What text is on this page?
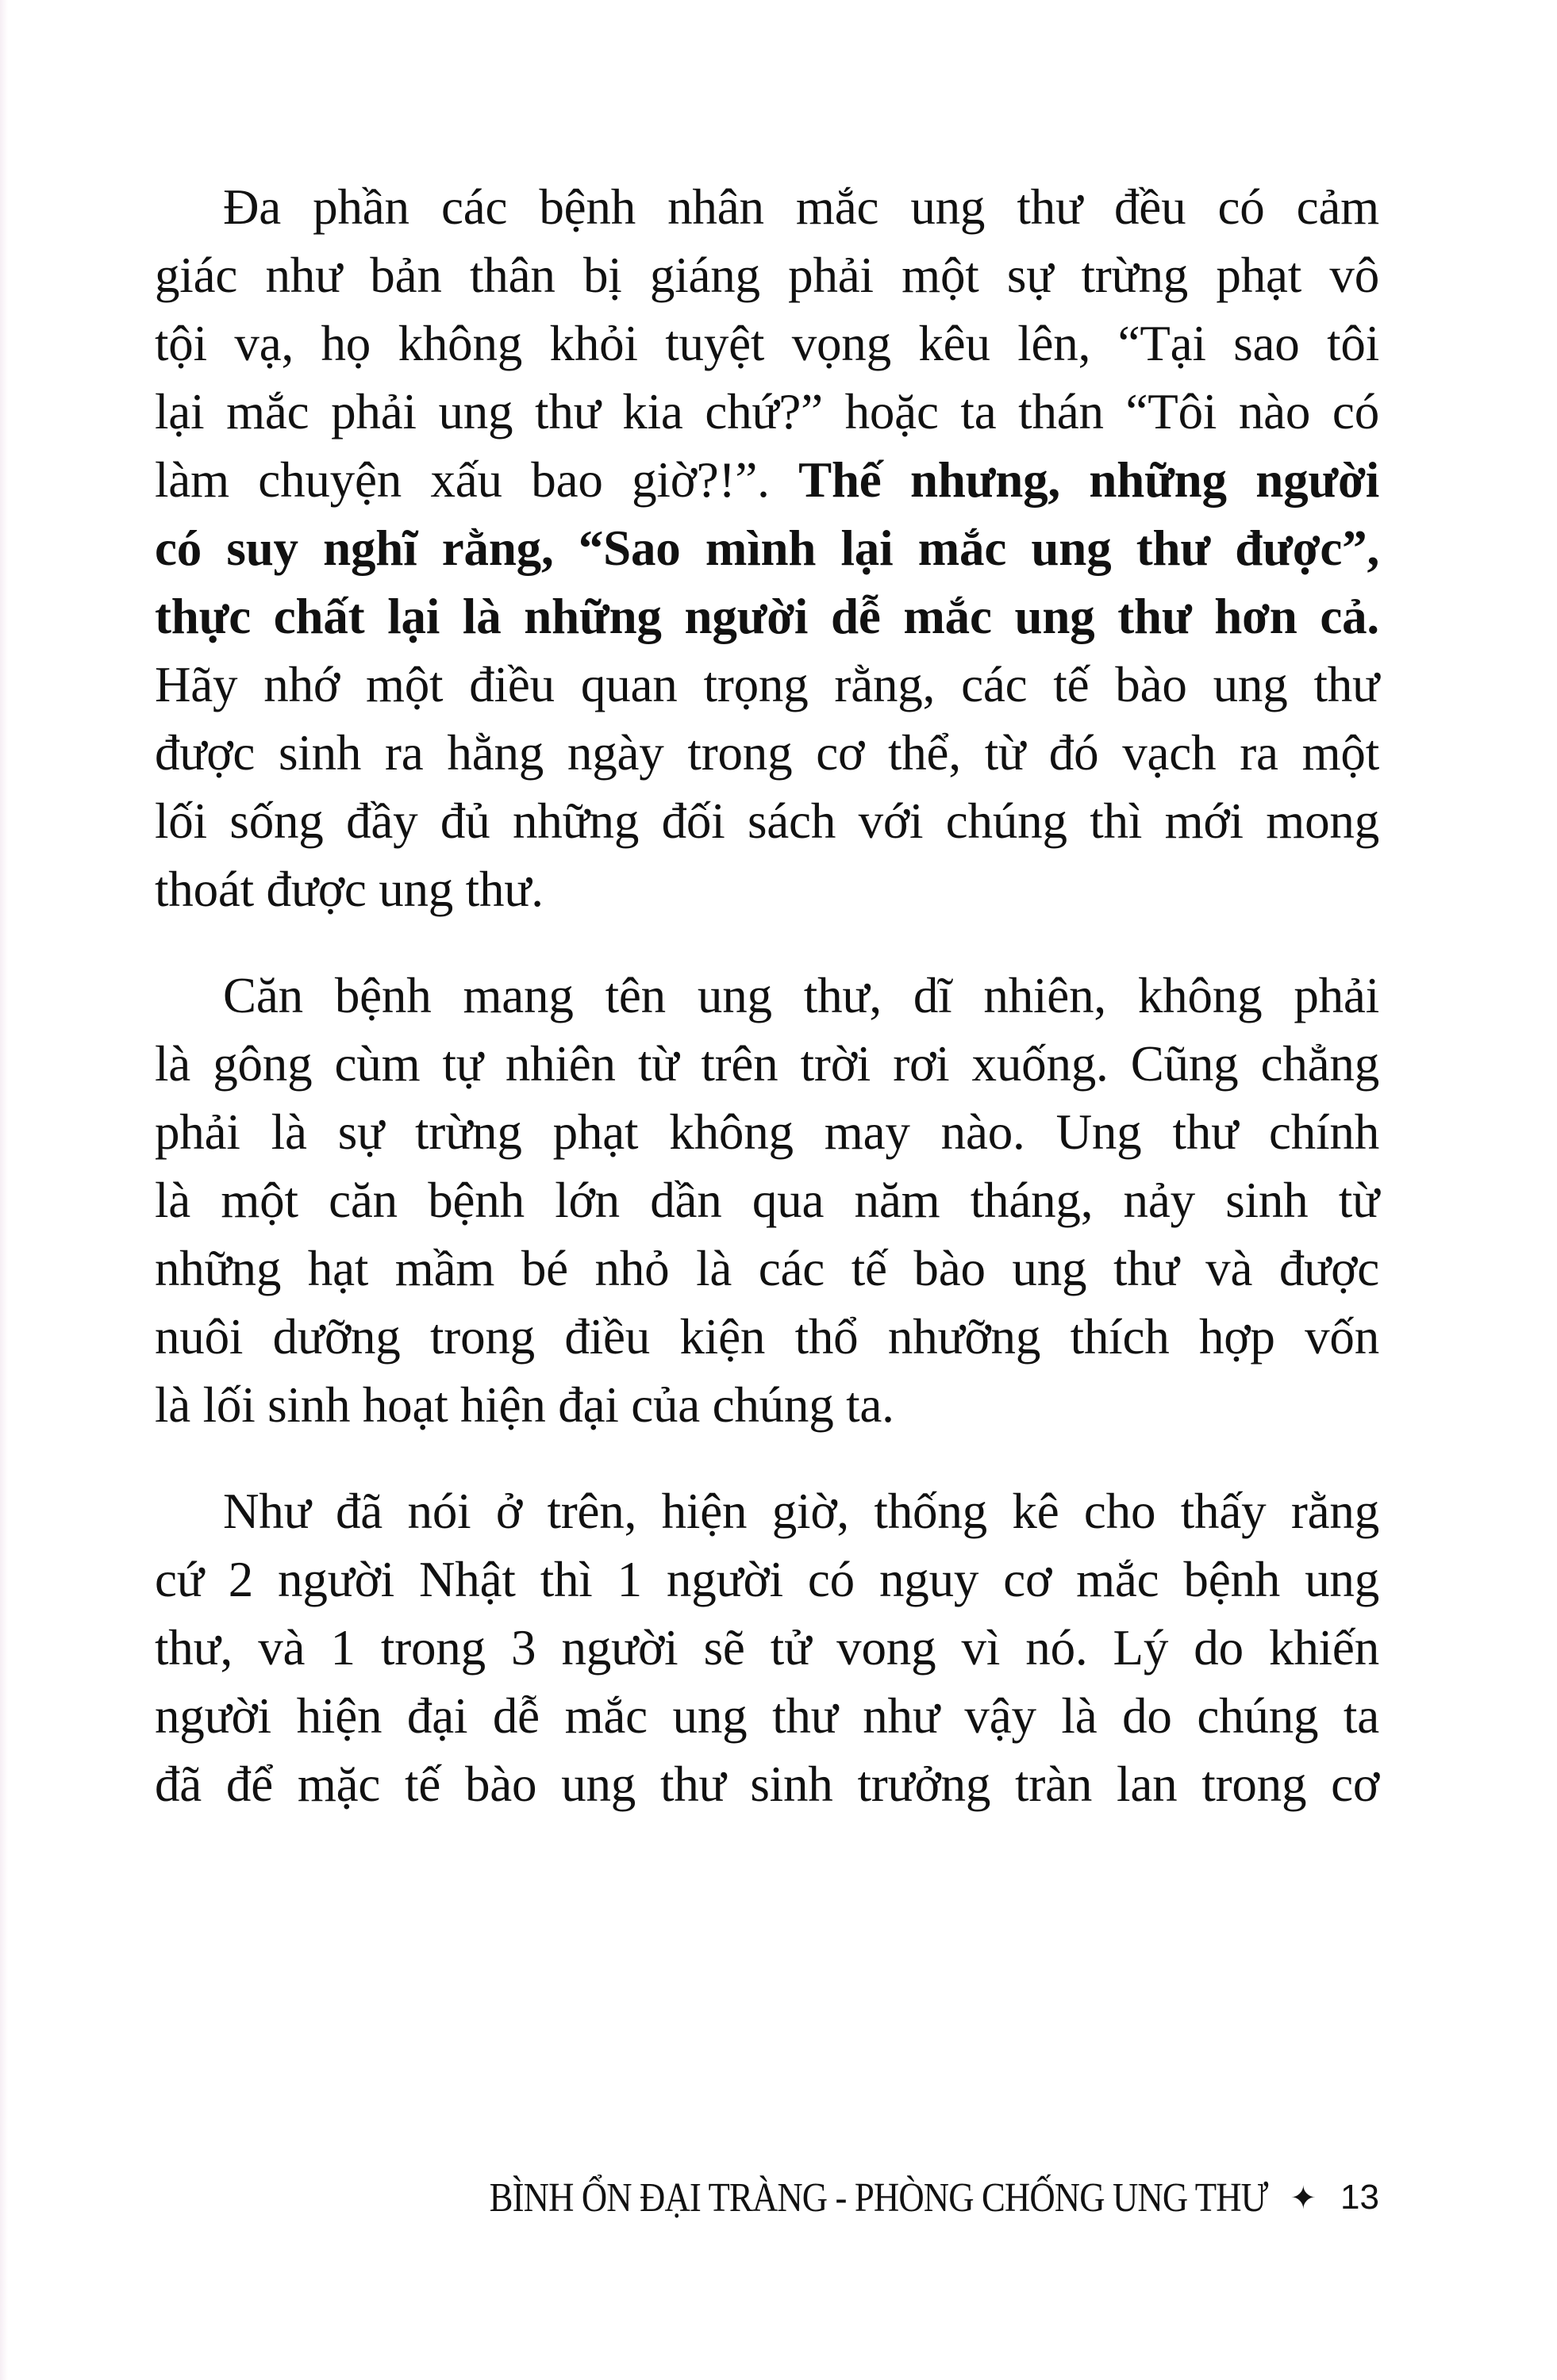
Đa phần các bệnh nhân mắc ung thư đều có cảm
giác như bản thân bị giáng phải một sự trừng phạt vô
tội vạ, họ không khỏi tuyệt vọng kêu lên, “Tại sao tôi
lại mắc phải ung thư kia chứ?” hoặc ta thán “Tôi nào có
làm chuyện xấu bao giờ?!”. Thế nhưng, những người
có suy nghĩ rằng, “Sao mình lại mắc ung thư được”,
thực chất lại là những người dễ mắc ung thư hơn cả.
Hãy nhớ một điều quan trọng rằng, các tế bào ung thư
được sinh ra hằng ngày trong cơ thể, từ đó vạch ra một
lối sống đầy đủ những đối sách với chúng thì mới mong
thoát được ung thư.

Căn bệnh mang tên ung thư, dĩ nhiên, không phải
là gông cùm tự nhiên từ trên trời rơi xuống. Cũng chẳng
phải là sự trừng phạt không may nào. Ung thư chính
là một căn bệnh lớn dần qua năm tháng, nảy sinh từ
những hạt mầm bé nhỏ là các tế bào ung thư và được
nuôi dưỡng trong điều kiện thổ nhưỡng thích hợp vốn
là lối sinh hoạt hiện đại của chúng ta.

Như đã nói ở trên, hiện giờ, thống kê cho thấy rằng
cứ 2 người Nhật thì 1 người có nguy cơ mắc bệnh ung
thư, và 1 trong 3 người sẽ tử vong vì nó. Lý do khiến
người hiện đại dễ mắc ung thư như vậy là do chúng ta
đã để mặc tế bào ung thư sinh trưởng tràn lan trong cơ

BÌNH ỔN ĐẠI TRÀNG - PHÒNG CHỐNG UNG THƯ ✦ 13
